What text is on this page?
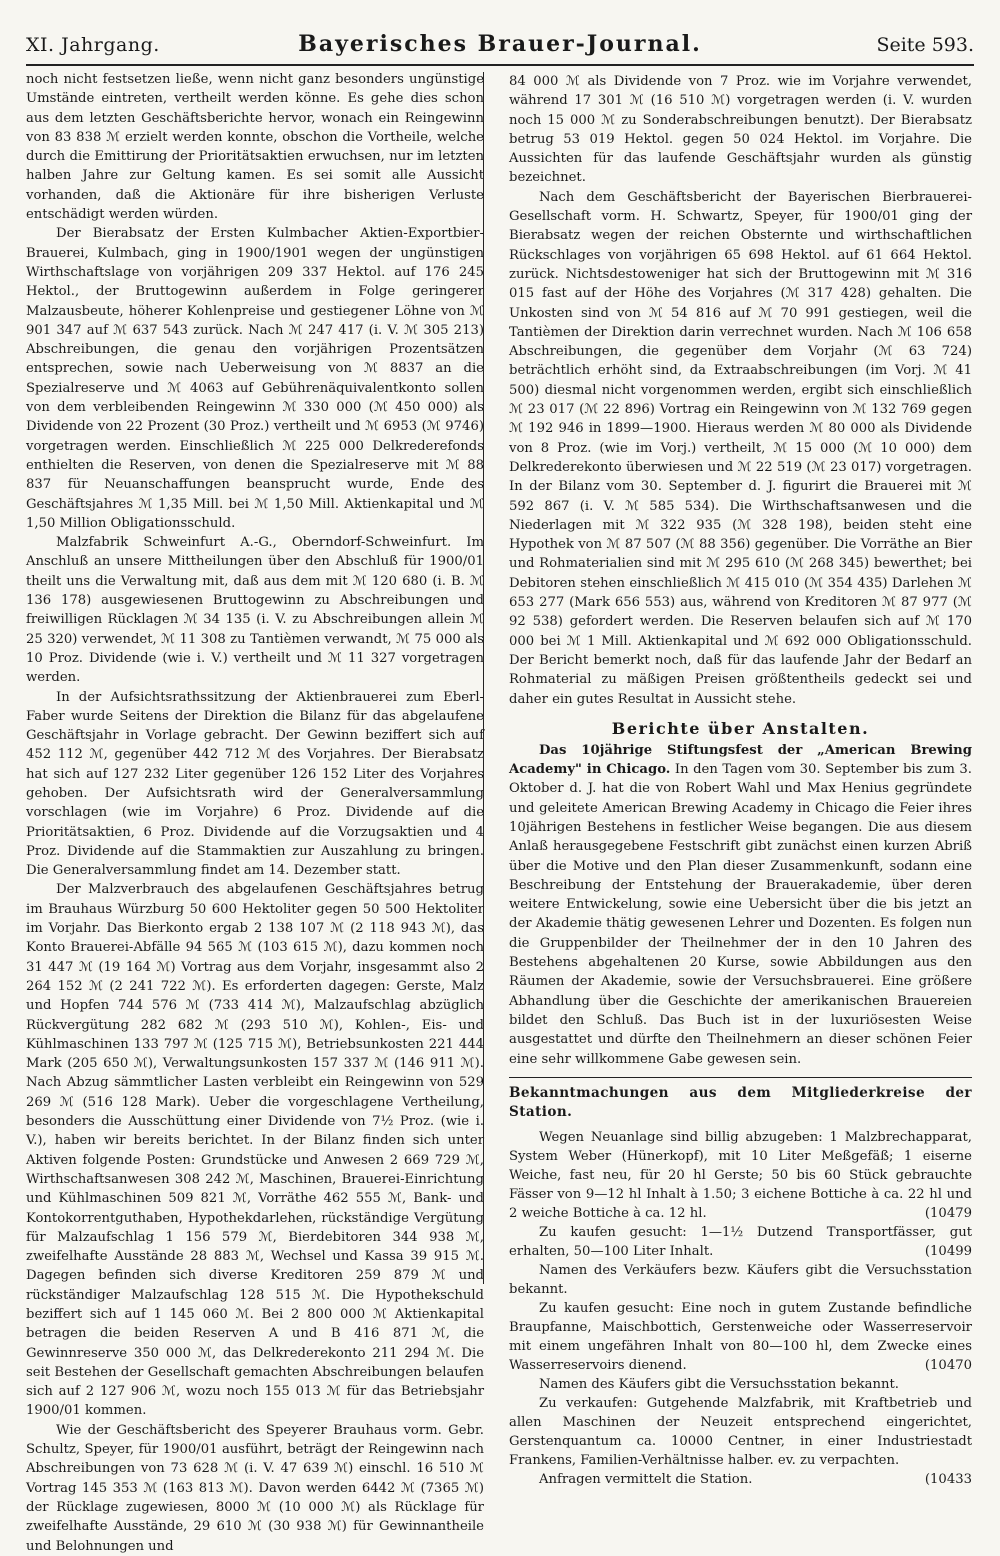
XI. Jahrgang.	Bayerisches Brauer-Journal.	Seite 593.

noch nicht festsetzen ließe, wenn nicht ganz besonders ungünstige Umstände eintreten, vertheilt werden könne. Es gehe dies schon aus dem letzten Geschäftsberichte hervor, wonach ein Reingewinn von 83 838 ℳ erzielt werden konnte, obschon die Vortheile, welche durch die Emittirung der Prioritätsaktien erwuchsen, nur im letzten halben Jahre zur Geltung kamen. Es sei somit alle Aussicht vorhanden, daß die Aktionäre für ihre bisherigen Verluste entschädigt werden würden.

Der Bierabsatz der Ersten Kulmbacher Aktien-Exportbier-Brauerei, Kulmbach, ging in 1900/1901 wegen der ungünstigen Wirthschaftslage von vorjährigen 209 337 Hektol. auf 176 245 Hektol., der Bruttogewinn außerdem in Folge geringerer Malzausbeute, höherer Kohlenpreise und gestiegener Löhne von ℳ 901 347 auf ℳ 637 543 zurück. Nach ℳ 247 417 (i. V. ℳ 305 213) Abschreibungen, die genau den vorjährigen Prozentsätzen entsprechen, sowie nach Ueberweisung von ℳ 8837 an die Spezialreserve und ℳ 4063 auf Gebührenäquivalentkonto sollen von dem verbleibenden Reingewinn ℳ 330 000 (ℳ 450 000) als Dividende von 22 Prozent (30 Proz.) vertheilt und ℳ 6953 (ℳ 9746) vorgetragen werden. Einschließlich ℳ 225 000 Delkrederefonds enthielten die Reserven, von denen die Spezialreserve mit ℳ 88 837 für Neuanschaffungen beansprucht wurde, Ende des Geschäftsjahres ℳ 1,35 Mill. bei ℳ 1,50 Mill. Aktienkapital und ℳ 1,50 Million Obligationsschuld.

Malzfabrik Schweinfurt A.-G., Oberndorf-Schweinfurt. Im Anschluß an unsere Mittheilungen über den Abschluß für 1900/01 theilt uns die Verwaltung mit, daß aus dem mit ℳ 120 680 (i. B. ℳ 136 178) ausgewiesenen Bruttogewinn zu Abschreibungen und freiwilligen Rücklagen ℳ 34 135 (i. V. zu Abschreibungen allein ℳ 25 320) verwendet, ℳ 11 308 zu Tantièmen verwandt, ℳ 75 000 als 10 Proz. Dividende (wie i. V.) vertheilt und ℳ 11 327 vorgetragen werden.

In der Aufsichtsrathssitzung der Aktienbrauerei zum Eberl-Faber wurde Seitens der Direktion die Bilanz für das abgelaufene Geschäftsjahr in Vorlage gebracht. Der Gewinn beziffert sich auf 452 112 ℳ, gegenüber 442 712 ℳ des Vorjahres. Der Bierabsatz hat sich auf 127 232 Liter gegenüber 126 152 Liter des Vorjahres gehoben. Der Aufsichtsrath wird der Generalversammlung vorschlagen (wie im Vorjahre) 6 Proz. Dividende auf die Prioritätsaktien, 6 Proz. Dividende auf die Vorzugsaktien und 4 Proz. Dividende auf die Stammaktien zur Auszahlung zu bringen. Die Generalversammlung findet am 14. Dezember statt.

Der Malzverbrauch des abgelaufenen Geschäftsjahres betrug im Brauhaus Würzburg 50 600 Hektoliter gegen 50 500 Hektoliter im Vorjahr. Das Bierkonto ergab 2 138 107 ℳ (2 118 943 ℳ), das Konto Brauerei-Abfälle 94 565 ℳ (103 615 ℳ), dazu kommen noch 31 447 ℳ (19 164 ℳ) Vortrag aus dem Vorjahr, insgesammt also 2 264 152 ℳ (2 241 722 ℳ). Es erforderten dagegen: Gerste, Malz und Hopfen 744 576 ℳ (733 414 ℳ), Malzaufschlag abzüglich Rückvergütung 282 682 ℳ (293 510 ℳ), Kohlen-, Eis- und Kühlmaschinen 133 797 ℳ (125 715 ℳ), Betriebsunkosten 221 444 Mark (205 650 ℳ), Verwaltungsunkosten 157 337 ℳ (146 911 ℳ). Nach Abzug sämmtlicher Lasten verbleibt ein Reingewinn von 529 269 ℳ (516 128 Mark). Ueber die vorgeschlagene Vertheilung, besonders die Ausschüttung einer Dividende von 7½ Proz. (wie i. V.), haben wir bereits berichtet. In der Bilanz finden sich unter Aktiven folgende Posten: Grundstücke und Anwesen 2 669 729 ℳ, Wirthschaftsanwesen 308 242 ℳ, Maschinen, Brauerei-Einrichtung und Kühlmaschinen 509 821 ℳ, Vorräthe 462 555 ℳ, Bank- und Kontokorrentguthaben, Hypothekdarlehen, rückständige Vergütung für Malzaufschlag 1 156 579 ℳ, Bierdebitoren 344 938 ℳ, zweifelhafte Ausstände 28 883 ℳ, Wechsel und Kassa 39 915 ℳ. Dagegen befinden sich diverse Kreditoren 259 879 ℳ und rückständiger Malzaufschlag 128 515 ℳ. Die Hypothekschuld beziffert sich auf 1 145 060 ℳ. Bei 2 800 000 ℳ Aktienkapital betragen die beiden Reserven A und B 416 871 ℳ, die Gewinnreserve 350 000 ℳ, das Delkrederekonto 211 294 ℳ. Die seit Bestehen der Gesellschaft gemachten Abschreibungen belaufen sich auf 2 127 906 ℳ, wozu noch 155 013 ℳ für das Betriebsjahr 1900/01 kommen.

Wie der Geschäftsbericht des Speyerer Brauhaus vorm. Gebr. Schultz, Speyer, für 1900/01 ausführt, beträgt der Reingewinn nach Abschreibungen von 73 628 ℳ (i. V. 47 639 ℳ) einschl. 16 510 ℳ Vortrag 145 353 ℳ (163 813 ℳ). Davon werden 6442 ℳ (7365 ℳ) der Rücklage zugewiesen, 8000 ℳ (10 000 ℳ) als Rücklage für zweifelhafte Ausstände, 29 610 ℳ (30 938 ℳ) für Gewinnantheile und Belohnungen und

84 000 ℳ als Dividende von 7 Proz. wie im Vorjahre verwendet, während 17 301 ℳ (16 510 ℳ) vorgetragen werden (i. V. wurden noch 15 000 ℳ zu Sonderabschreibungen benutzt). Der Bierabsatz betrug 53 019 Hektol. gegen 50 024 Hektol. im Vorjahre. Die Aussichten für das laufende Geschäftsjahr wurden als günstig bezeichnet.

Nach dem Geschäftsbericht der Bayerischen Bierbrauerei-Gesellschaft vorm. H. Schwartz, Speyer, für 1900/01 ging der Bierabsatz wegen der reichen Obsternte und wirthschaftlichen Rückschlages von vorjährigen 65 698 Hektol. auf 61 664 Hektol. zurück. Nichtsdestoweniger hat sich der Bruttogewinn mit ℳ 316 015 fast auf der Höhe des Vorjahres (ℳ 317 428) gehalten. Die Unkosten sind von ℳ 54 816 auf ℳ 70 991 gestiegen, weil die Tantièmen der Direktion darin verrechnet wurden. Nach ℳ 106 658 Abschreibungen, die gegenüber dem Vorjahr (ℳ 63 724) beträchtlich erhöht sind, da Extraabschreibungen (im Vorj. ℳ 41 500) diesmal nicht vorgenommen werden, ergibt sich einschließlich ℳ 23 017 (ℳ 22 896) Vortrag ein Reingewinn von ℳ 132 769 gegen ℳ 192 946 in 1899—1900. Hieraus werden ℳ 80 000 als Dividende von 8 Proz. (wie im Vorj.) vertheilt, ℳ 15 000 (ℳ 10 000) dem Delkrederekonto überwiesen und ℳ 22 519 (ℳ 23 017) vorgetragen. In der Bilanz vom 30. September d. J. figurirt die Brauerei mit ℳ 592 867 (i. V. ℳ 585 534). Die Wirthschaftsanwesen und die Niederlagen mit ℳ 322 935 (ℳ 328 198), beiden steht eine Hypothek von ℳ 87 507 (ℳ 88 356) gegenüber. Die Vorräthe an Bier und Rohmaterialien sind mit ℳ 295 610 (ℳ 268 345) bewerthet; bei Debitoren stehen einschließlich ℳ 415 010 (ℳ 354 435) Darlehen ℳ 653 277 (Mark 656 553) aus, während von Kreditoren ℳ 87 977 (ℳ 92 538) gefordert werden. Die Reserven belaufen sich auf ℳ 170 000 bei ℳ 1 Mill. Aktienkapital und ℳ 692 000 Obligationsschuld. Der Bericht bemerkt noch, daß für das laufende Jahr der Bedarf an Rohmaterial zu mäßigen Preisen größtentheils gedeckt sei und daher ein gutes Resultat in Aussicht stehe.

Berichte über Anstalten.

Das 10jährige Stiftungsfest der „American Brewing Academy" in Chicago. In den Tagen vom 30. September bis zum 3. Oktober d. J. hat die von Robert Wahl und Max Henius gegründete und geleitete American Brewing Academy in Chicago die Feier ihres 10jährigen Bestehens in festlicher Weise begangen. Die aus diesem Anlaß herausgegebene Festschrift gibt zunächst einen kurzen Abriß über die Motive und den Plan dieser Zusammenkunft, sodann eine Beschreibung der Entstehung der Brauerakademie, über deren weitere Entwickelung, sowie eine Uebersicht über die bis jetzt an der Akademie thätig gewesenen Lehrer und Dozenten. Es folgen nun die Gruppenbilder der Theilnehmer der in den 10 Jahren des Bestehens abgehaltenen 20 Kurse, sowie Abbildungen aus den Räumen der Akademie, sowie der Versuchsbrauerei. Eine größere Abhandlung über die Geschichte der amerikanischen Brauereien bildet den Schluß. Das Buch ist in der luxuriösesten Weise ausgestattet und dürfte den Theilnehmern an dieser schönen Feier eine sehr willkommene Gabe gewesen sein.

Bekanntmachungen aus dem Mitgliederkreise der Station.

Wegen Neuanlage sind billig abzugeben: 1 Malzbrechapparat, System Weber (Hünerkopf), mit 10 Liter Meßgefäß; 1 eiserne Weiche, fast neu, für 20 hl Gerste; 50 bis 60 Stück gebrauchte Fässer von 9—12 hl Inhalt à 1.50; 3 eichene Bottiche à ca. 22 hl und 2 weiche Bottiche à ca. 12 hl.	(10479

Zu kaufen gesucht: 1—1½ Dutzend Transportfässer, gut erhalten, 50—100 Liter Inhalt.	(10499

Namen des Verkäufers bezw. Käufers gibt die Versuchsstation bekannt.

Zu kaufen gesucht: Eine noch in gutem Zustande befindliche Braupfanne, Maischbottich, Gerstenweiche oder Wasserreservoir mit einem ungefähren Inhalt von 80—100 hl, dem Zwecke eines Wasserreservoirs dienend.	(10470

Namen des Käufers gibt die Versuchsstation bekannt.

Zu verkaufen: Gutgehende Malzfabrik, mit Kraftbetrieb und allen Maschinen der Neuzeit entsprechend eingerichtet, Gerstenquantum ca. 10000 Centner, in einer Industriestadt Frankens, Familien-Verhältnisse halber. ev. zu verpachten.

Anfragen vermittelt die Station.	(10433
